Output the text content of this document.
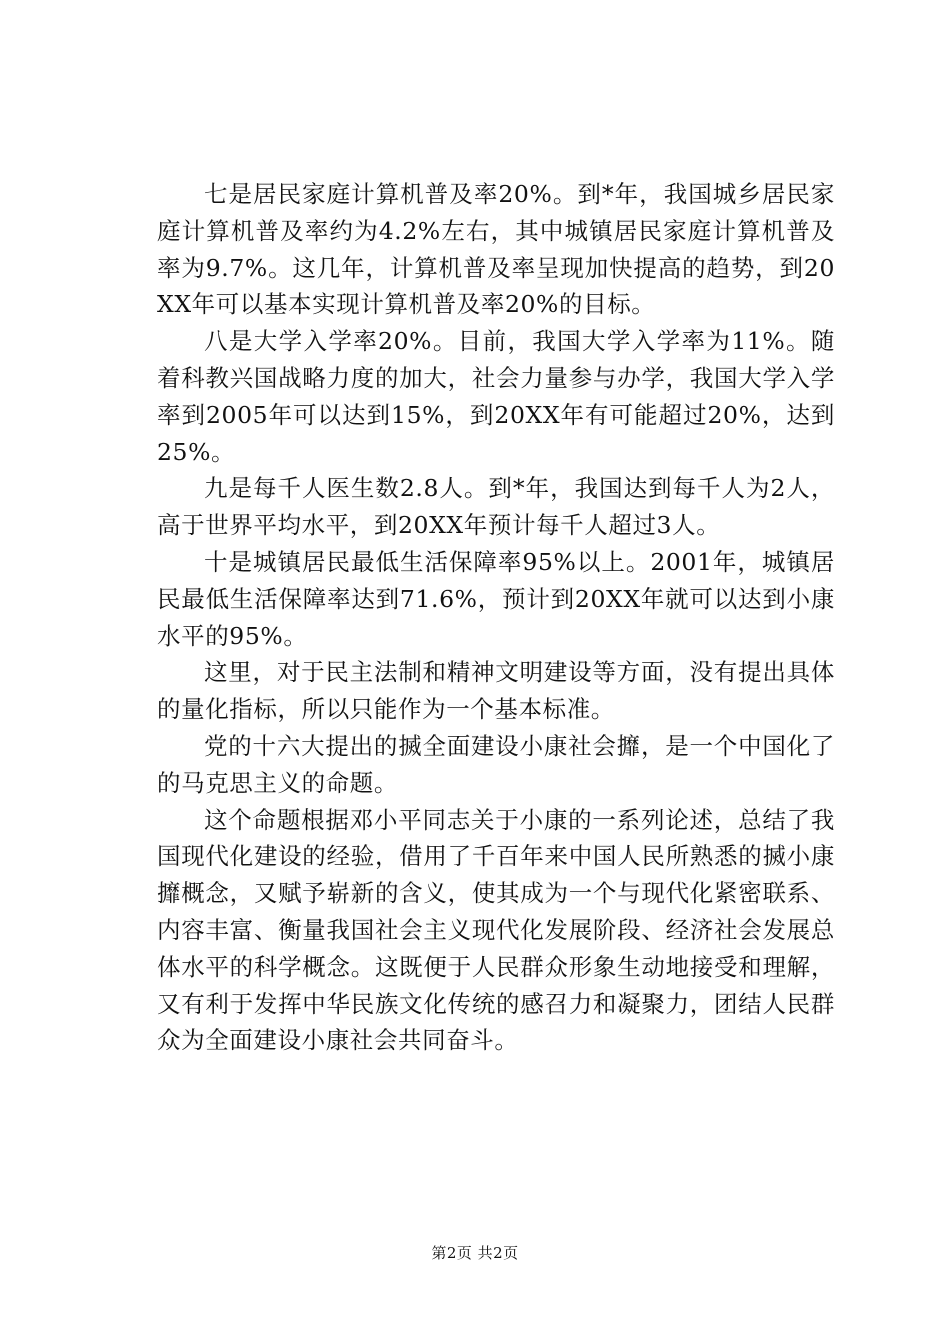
七是居民家庭计算机普及率20%。到*年，我国城乡居民家庭计算机普及率约为4.2%左右，其中城镇居民家庭计算机普及率为9.7%。这几年，计算机普及率呈现加快提高的趋势，到20XX年可以基本实现计算机普及率20%的目标。

八是大学入学率20%。目前，我国大学入学率为11%。随着科教兴国战略力度的加大，社会力量参与办学，我国大学入学率到2005年可以达到15%，到20XX年有可能超过20%，达到25%。

九是每千人医生数2.8人。到*年，我国达到每千人为2人，高于世界平均水平，到20XX年预计每千人超过3人。

十是城镇居民最低生活保障率95%以上。2001年，城镇居民最低生活保障率达到71.6%，预计到20XX年就可以达到小康水平的95%。

这里，对于民主法制和精神文明建设等方面，没有提出具体的量化指标，所以只能作为一个基本标准。

党的十六大提出的搣全面建设小康社会攠，是一个中国化了的马克思主义的命题。

这个命题根据邓小平同志关于小康的一系列论述，总结了我国现代化建设的经验，借用了千百年来中国人民所熟悉的搣小康攠概念，又赋予崭新的含义，使其成为一个与现代化紧密联系、内容丰富、衡量我国社会主义现代化发展阶段、经济社会发展总体水平的科学概念。这既便于人民群众形象生动地接受和理解，又有利于发挥中华民族文化传统的感召力和凝聚力，团结人民群众为全面建设小康社会共同奋斗。

第2页 共2页
